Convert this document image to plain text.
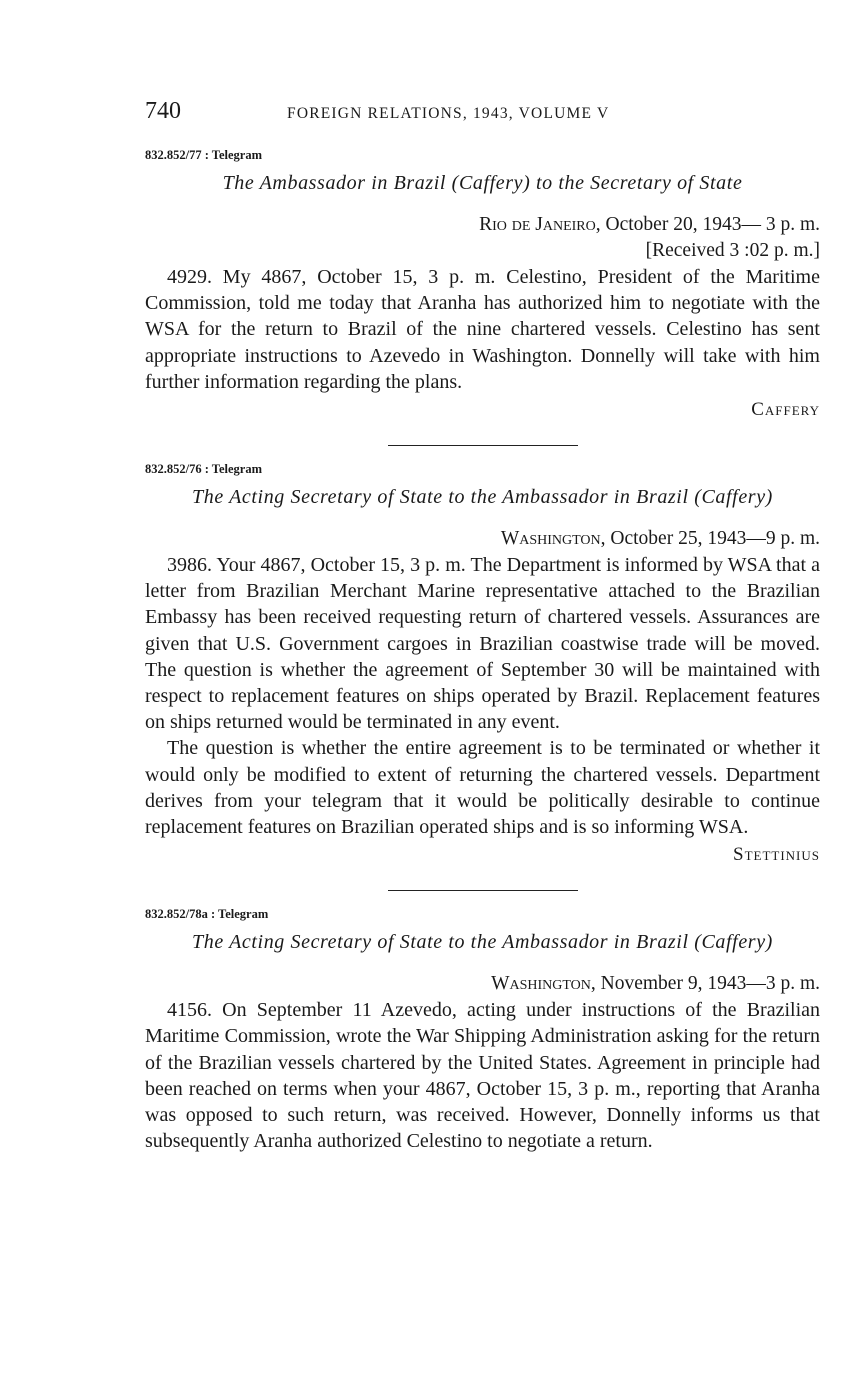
740	FOREIGN RELATIONS, 1943, VOLUME V
832.852/77 : Telegram
The Ambassador in Brazil (Caffery) to the Secretary of State
Rio de Janeiro, October 20, 1943— 3 p. m.
[Received 3 :02 p. m.]

4929. My 4867, October 15, 3 p. m. Celestino, President of the Maritime Commission, told me today that Aranha has authorized him to negotiate with the WSA for the return to Brazil of the nine chartered vessels. Celestino has sent appropriate instructions to Azevedo in Washington. Donnelly will take with him further information regarding the plans.

Caffery
832.852/76 : Telegram
The Acting Secretary of State to the Ambassador in Brazil (Caffery)
Washington, October 25, 1943—9 p. m.

3986. Your 4867, October 15, 3 p. m. The Department is informed by WSA that a letter from Brazilian Merchant Marine representative attached to the Brazilian Embassy has been received requesting return of chartered vessels. Assurances are given that U.S. Government cargoes in Brazilian coastwise trade will be moved. The question is whether the agreement of September 30 will be maintained with respect to replacement features on ships operated by Brazil. Replacement features on ships returned would be terminated in any event.

The question is whether the entire agreement is to be terminated or whether it would only be modified to extent of returning the chartered vessels. Department derives from your telegram that it would be politically desirable to continue replacement features on Brazilian operated ships and is so informing WSA.

Stettinius
832.852/78a : Telegram
The Acting Secretary of State to the Ambassador in Brazil (Caffery)
Washington, November 9, 1943—3 p. m.

4156. On September 11 Azevedo, acting under instructions of the Brazilian Maritime Commission, wrote the War Shipping Administration asking for the return of the Brazilian vessels chartered by the United States. Agreement in principle had been reached on terms when your 4867, October 15, 3 p. m., reporting that Aranha was opposed to such return, was received. However, Donnelly informs us that subsequently Aranha authorized Celestino to negotiate a return.
